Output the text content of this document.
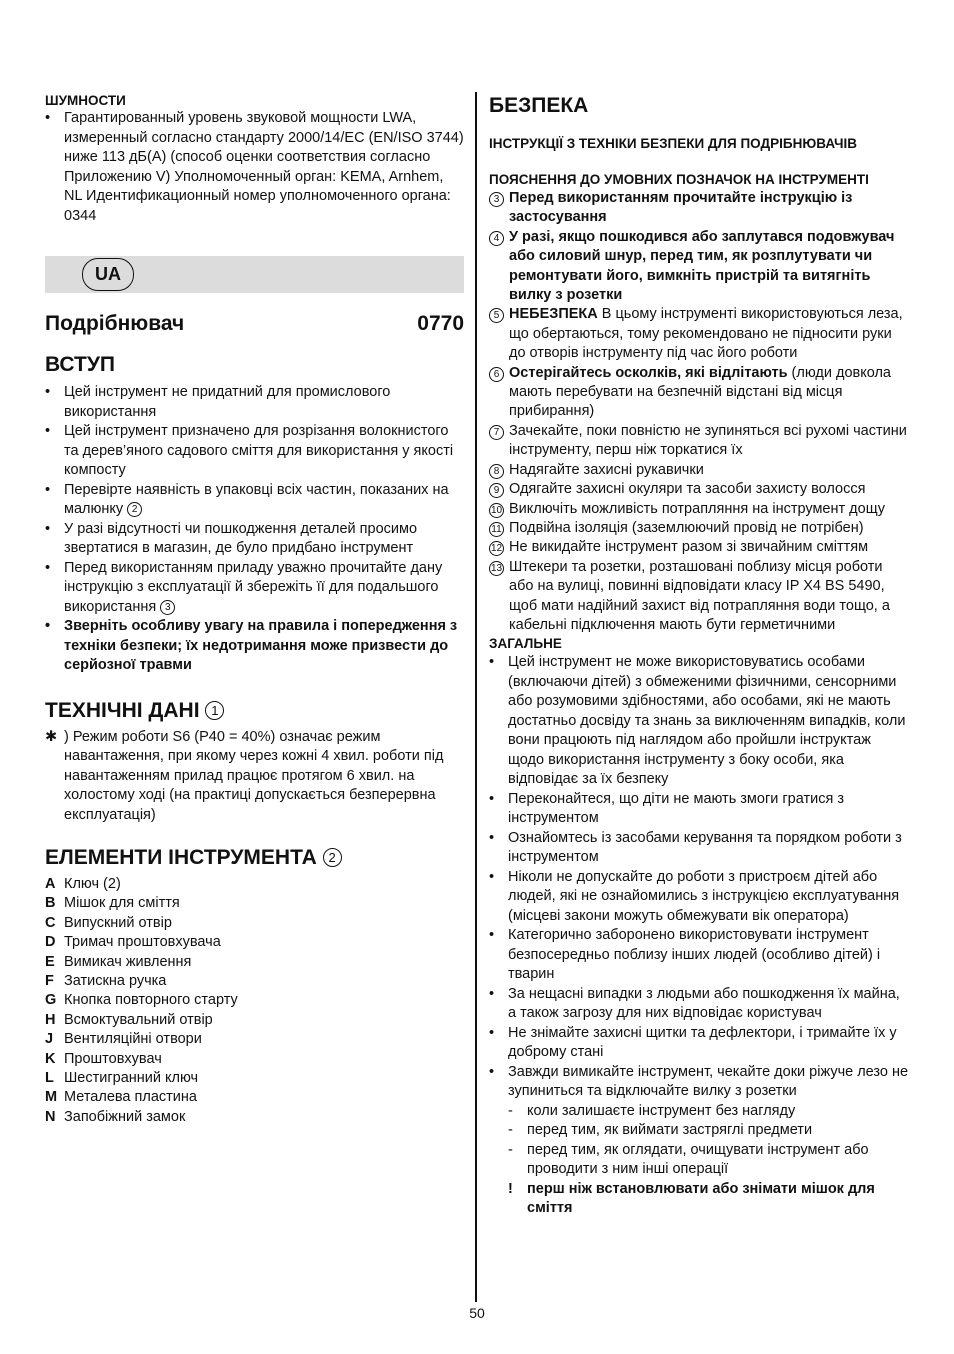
ШУМНОСТИ

• Гарантированный уровень звуковой мощности LWA, измеренный согласно стандарту 2000/14/EC (EN/ISO 3744) ниже 113 дБ(A) (способ оценки соответствия согласно Приложению V) Уполномоченный орган: KEMA, Arnhem, NL Идентификационный номер уполномоченного органа: 0344
UA
Подрібнювач	0770

ВСТУП

• Цей інструмент не придатний для промислового використання
• Цей інструмент призначено для розрізання волокнистого та дерев’яного садового сміття для використання у якості компосту
• Перевірте наявність в упаковці всіх частин, показаних на малюнку 2
• У разі відсутності чи пошкодження деталей просимо звертатися в магазин, де було придбано інструмент
• Перед використанням приладу уважно прочитайте дану інструкцію з експлуатації й збережіть її для подальшого використання 3
• Зверніть особливу увагу на правила і попередження з техніки безпеки; їх недотримання може призвести до серйозної травми

ТЕХНІЧНІ ДАНІ 1

✱ ) Режим роботи S6 (P40 = 40%) означає режим навантаження, при якому через кожні 4 хвил. роботи під навантаженням прилад працює протягом 6 хвил. на холостому ході (на практиці допускається безперервна експлуатація)

ЕЛЕМЕНТИ ІНСТРУМЕНТА 2

A Ключ (2)
B Мішок для сміття
C Випускний отвір
D Тримач проштовхувача
E Вимикач живлення
F Затискна ручка
G Кнопка повторного старту
H Всмоктувальний отвір
J Вентиляційні отвори
K Проштовхувач
L Шестигранний ключ
M Металева пластина
N Запобіжний замок

БЕЗПЕКА

ІНСТРУКЦІЇ З ТЕХНІКИ БЕЗПЕКИ ДЛЯ ПОДРІБНЮВАЧІВ

ПОЯСНЕННЯ ДО УМОВНИХ ПОЗНАЧОК НА ІНСТРУМЕНТІ

3 Перед використанням прочитайте інструкцію із застосування
4 У разі, якщо пошкодився або заплутався подовжувач або силовий шнур, перед тим, як розплутувати чи ремонтувати його, вимкніть пристрій та витягніть вилку з розетки
5 НЕБЕЗПЕКА В цьому інструменті використовуються леза, що обертаються, тому рекомендовано не підносити руки до отворів інструменту під час його роботи
6 Остерігайтесь осколків, які відлітають (люди довкола мають перебувати на безпечній відстані від місця прибирання)
7 Зачекайте, поки повністю не зупиняться всі рухомі частини інструменту, перш ніж торкатися їх
8 Надягайте захисні рукавички
9 Одягайте захисні окуляри та засоби захисту волосся
10 Виключіть можливість потрапляння на інструмент дощу
11 Подвійна ізоляція (заземлюючий провід не потрібен)
12 Не викидайте інструмент разом зі звичайним сміттям
13 Штекери та розетки, розташовані поблизу місця роботи або на вулиці, повинні відповідати класу IP X4 BS 5490, щоб мати надійний захист від потрапляння води тощо, а кабельні підключення мають бути герметичними

ЗАГАЛЬНЕ

• Цей інструмент не може використовуватись особами (включаючи дітей) з обмеженими фізичними, сенсорними або розумовими здібностями, або особами, які не мають достатньо досвіду та знань за виключенням випадків, коли вони працюють під наглядом або пройшли інструктаж щодо використання інструменту з боку особи, яка відповідає за їх безпеку
• Переконайтеся, що діти не мають змоги гратися з інструментом
• Ознайомтесь із засобами керування та порядком роботи з інструментом
• Ніколи не допускайте до роботи з пристроєм дітей або людей, які не ознайомились з інструкцією експлуатування (місцеві закони можуть обмежувати вік оператора)
• Категорично заборонено використовувати інструмент безпосередньо поблизу інших людей (особливо дітей) і тварин
• За нещасні випадки з людьми або пошкодження їх майна, а також загрозу для них відповідає користувач
• Не знімайте захисні щитки та дефлектори, і тримайте їх у доброму стані
• Завжди вимикайте інструмент, чекайте доки ріжуче лезо не зупиниться та відключайте вилку з розетки
- коли залишаєте інструмент без нагляду
- перед тим, як виймати застряглі предмети
- перед тим, як оглядати, очищувати інструмент або проводити з ним інші операції
! перш ніж встановлювати або знімати мішок для сміття
50
